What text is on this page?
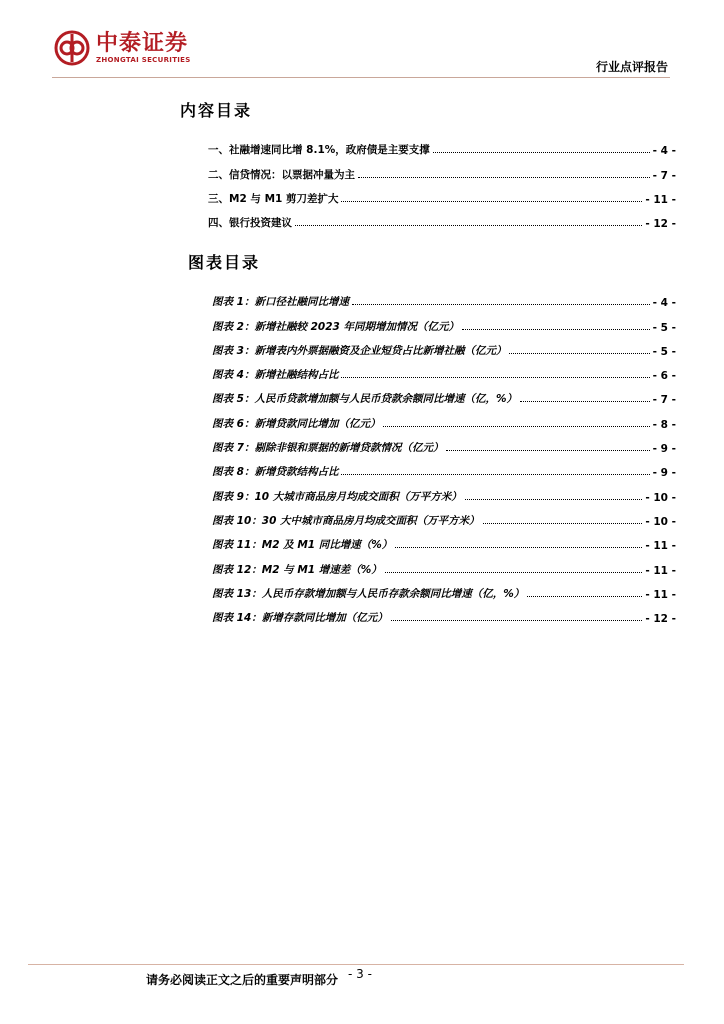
中泰证券
ZHONGTAI SECURITIES
行业点评报告
内容目录
一、社融增速同比增 8.1%，政府债是主要支撑	- 4 -
二、信贷情况：以票据冲量为主	- 7 -
三、M2 与 M1 剪刀差扩大	- 11 -
四、银行投资建议	- 12 -
图表目录
图表 1：新口径社融同比增速	- 4 -
图表 2：新增社融较 2023 年同期增加情况（亿元）	- 5 -
图表 3：新增表内外票据融资及企业短贷占比新增社融（亿元）	- 5 -
图表 4：新增社融结构占比	- 6 -
图表 5：人民币贷款增加额与人民币贷款余额同比增速（亿，%）	- 7 -
图表 6：新增贷款同比增加（亿元）	- 8 -
图表 7：剔除非银和票据的新增贷款情况（亿元）	- 9 -
图表 8：新增贷款结构占比	- 9 -
图表 9：10 大城市商品房月均成交面积（万平方米）	- 10 -
图表 10：30 大中城市商品房月均成交面积（万平方米）	- 10 -
图表 11：M2 及 M1 同比增速（%）	- 11 -
图表 12：M2 与 M1 增速差（%）	- 11 -
图表 13：人民币存款增加额与人民币存款余额同比增速（亿，%）	- 11 -
图表 14：新增存款同比增加（亿元）	- 12 -
请务必阅读正文之后的重要声明部分 - 3 -
